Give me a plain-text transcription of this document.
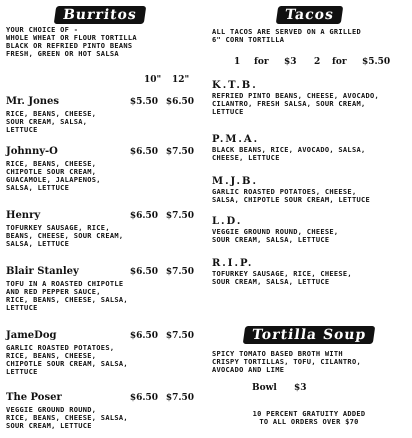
Burritos
YOUR CHOICE OF -
WHOLE WHEAT OR FLOUR TORTILLA
BLACK OR REFRIED PINTO BEANS
FRESH, GREEN OR HOT SALSA
10" 12"
Mr. Jones	$5.50 $6.50
RICE, BEANS, CHEESE,
SOUR CREAM, SALSA,
LETTUCE
Johnny-O	$6.50 $7.50
RICE, BEANS, CHEESE,
CHIPOTLE SOUR CREAM,
GUACAMOLE, JALAPENOS,
SALSA, LETTUCE
Henry	$6.50 $7.50
TOFURKEY SAUSAGE, RICE,
BEANS, CHEESE, SOUR CREAM,
SALSA, LETTUCE
Blair Stanley	$6.50 $7.50
TOFU IN A ROASTED CHIPOTLE
AND RED PEPPER SAUCE,
RICE, BEANS, CHEESE, SALSA,
LETTUCE
JameDog	$6.50 $7.50
GARLIC ROASTED POTATOES,
RICE, BEANS, CHEESE,
CHIPOTLE SOUR CREAM, SALSA,
LETTUCE
The Poser	$6.50 $7.50
VEGGIE GROUND ROUND,
RICE, BEANS, CHEESE, SALSA,
SOUR CREAM, LETTUCE
Tacos
ALL TACOS ARE SERVED ON A GRILLED
6" CORN TORTILLA
1 for $3 2 for $5.50
K.T.B.
REFRIED PINTO BEANS, CHEESE, AVOCADO,
CILANTRO, FRESH SALSA, SOUR CREAM,
LETTUCE
P.M.A.
BLACK BEANS, RICE, AVOCADO, SALSA,
CHEESE, LETTUCE
M.J.B.
GARLIC ROASTED POTATOES, CHEESE,
SALSA, CHIPOTLE SOUR CREAM, LETTUCE
L.D.
VEGGIE GROUND ROUND, CHEESE,
SOUR CREAM, SALSA, LETTUCE
R.I.P.
TOFURKEY SAUSAGE, RICE, CHEESE,
SOUR CREAM, SALSA, LETTUCE
Tortilla Soup
SPICY TOMATO BASED BROTH WITH
CRISPY TORTILLAS, TOFU, CILANTRO,
AVOCADO AND LIME
Bowl $3
10 PERCENT GRATUITY ADDED
TO ALL ORDERS OVER $70
